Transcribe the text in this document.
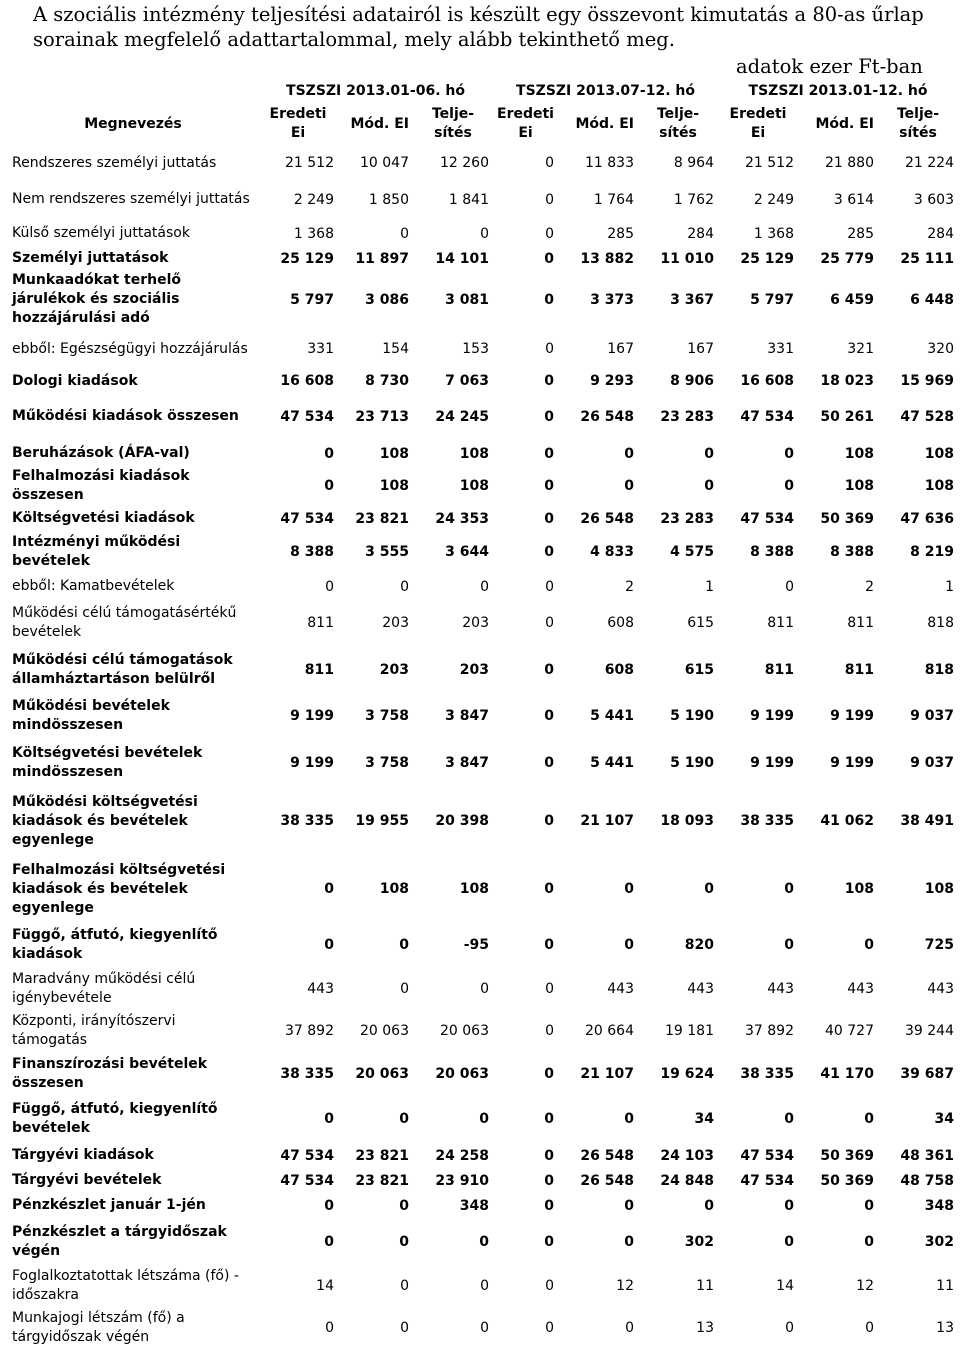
A szociális intézmény teljesítési adatairól is készült egy összevont kimutatás a 80-as űrlap sorainak megfelelő adattartalommal, mely alább tekinthető meg.

adatok ezer Ft-ban
	TSZSZI 2013.01-06. hó			TSZSZI 2013.07-12. hó			TSZSZI 2013.01-12. hó		
Megnevezés	Eredeti Ei	Mód. EI	Telje- sítés	Eredeti Ei	Mód. EI	Telje- sítés	Eredeti Ei	Mód. EI	Telje- sítés
Rendszeres személyi juttatás	21 512	10 047	12 260	0	11 833	8 964	21 512	21 880	21 224
Nem rendszeres személyi juttatás	2 249	1 850	1 841	0	1 764	1 762	2 249	3 614	3 603
Külső személyi juttatások	1 368	0	0	0	285	284	1 368	285	284
Személyi juttatások	25 129	11 897	14 101	0	13 882	11 010	25 129	25 779	25 111
Munkaadókat terhelő járulékok és szociális hozzájárulási adó	5 797	3 086	3 081	0	3 373	3 367	5 797	6 459	6 448
ebből: Egészségügyi hozzájárulás	331	154	153	0	167	167	331	321	320
Dologi kiadások	16 608	8 730	7 063	0	9 293	8 906	16 608	18 023	15 969
Működési kiadások összesen	47 534	23 713	24 245	0	26 548	23 283	47 534	50 261	47 528
Beruházások (ÁFA-val)	0	108	108	0	0	0	0	108	108
Felhalmozási kiadások összesen	0	108	108	0	0	0	0	108	108
Költségvetési kiadások	47 534	23 821	24 353	0	26 548	23 283	47 534	50 369	47 636
Intézményi működési bevételek	8 388	3 555	3 644	0	4 833	4 575	8 388	8 388	8 219
ebből: Kamatbevételek	0	0	0	0	2	1	0	2	1
Működési célú támogatásértékű bevételek	811	203	203	0	608	615	811	811	818
Működési célú támogatások államháztartáson belülről	811	203	203	0	608	615	811	811	818
Működési bevételek mindösszesen	9 199	3 758	3 847	0	5 441	5 190	9 199	9 199	9 037
Költségvetési bevételek mindösszesen	9 199	3 758	3 847	0	5 441	5 190	9 199	9 199	9 037
Működési költségvetési kiadások és bevételek egyenlege	38 335	19 955	20 398	0	21 107	18 093	38 335	41 062	38 491
Felhalmozási költségvetési kiadások és bevételek egyenlege	0	108	108	0	0	0	0	108	108
Függő, átfutó, kiegyenlítő kiadások	0	0	-95	0	0	820	0	0	725
Maradvány működési célú igénybevétele	443	0	0	0	443	443	443	443	443
Központi, irányítószervi támogatás	37 892	20 063	20 063	0	20 664	19 181	37 892	40 727	39 244
Finanszírozási bevételek összesen	38 335	20 063	20 063	0	21 107	19 624	38 335	41 170	39 687
Függő, átfutó, kiegyenlítő bevételek	0	0	0	0	0	34	0	0	34
Tárgyévi kiadások	47 534	23 821	24 258	0	26 548	24 103	47 534	50 369	48 361
Tárgyévi bevételek	47 534	23 821	23 910	0	26 548	24 848	47 534	50 369	48 758
Pénzkészlet január 1-jén	0	0	348	0	0	0	0	0	348
Pénzkészlet a tárgyidőszak végén	0	0	0	0	0	302	0	0	302
Foglalkoztatottak létszáma (fő) - időszakra	14	0	0	0	12	11	14	12	11
Munkajogi létszám (fő) a tárgyidőszak végén	0	0	0	0	0	13	0	0	13
